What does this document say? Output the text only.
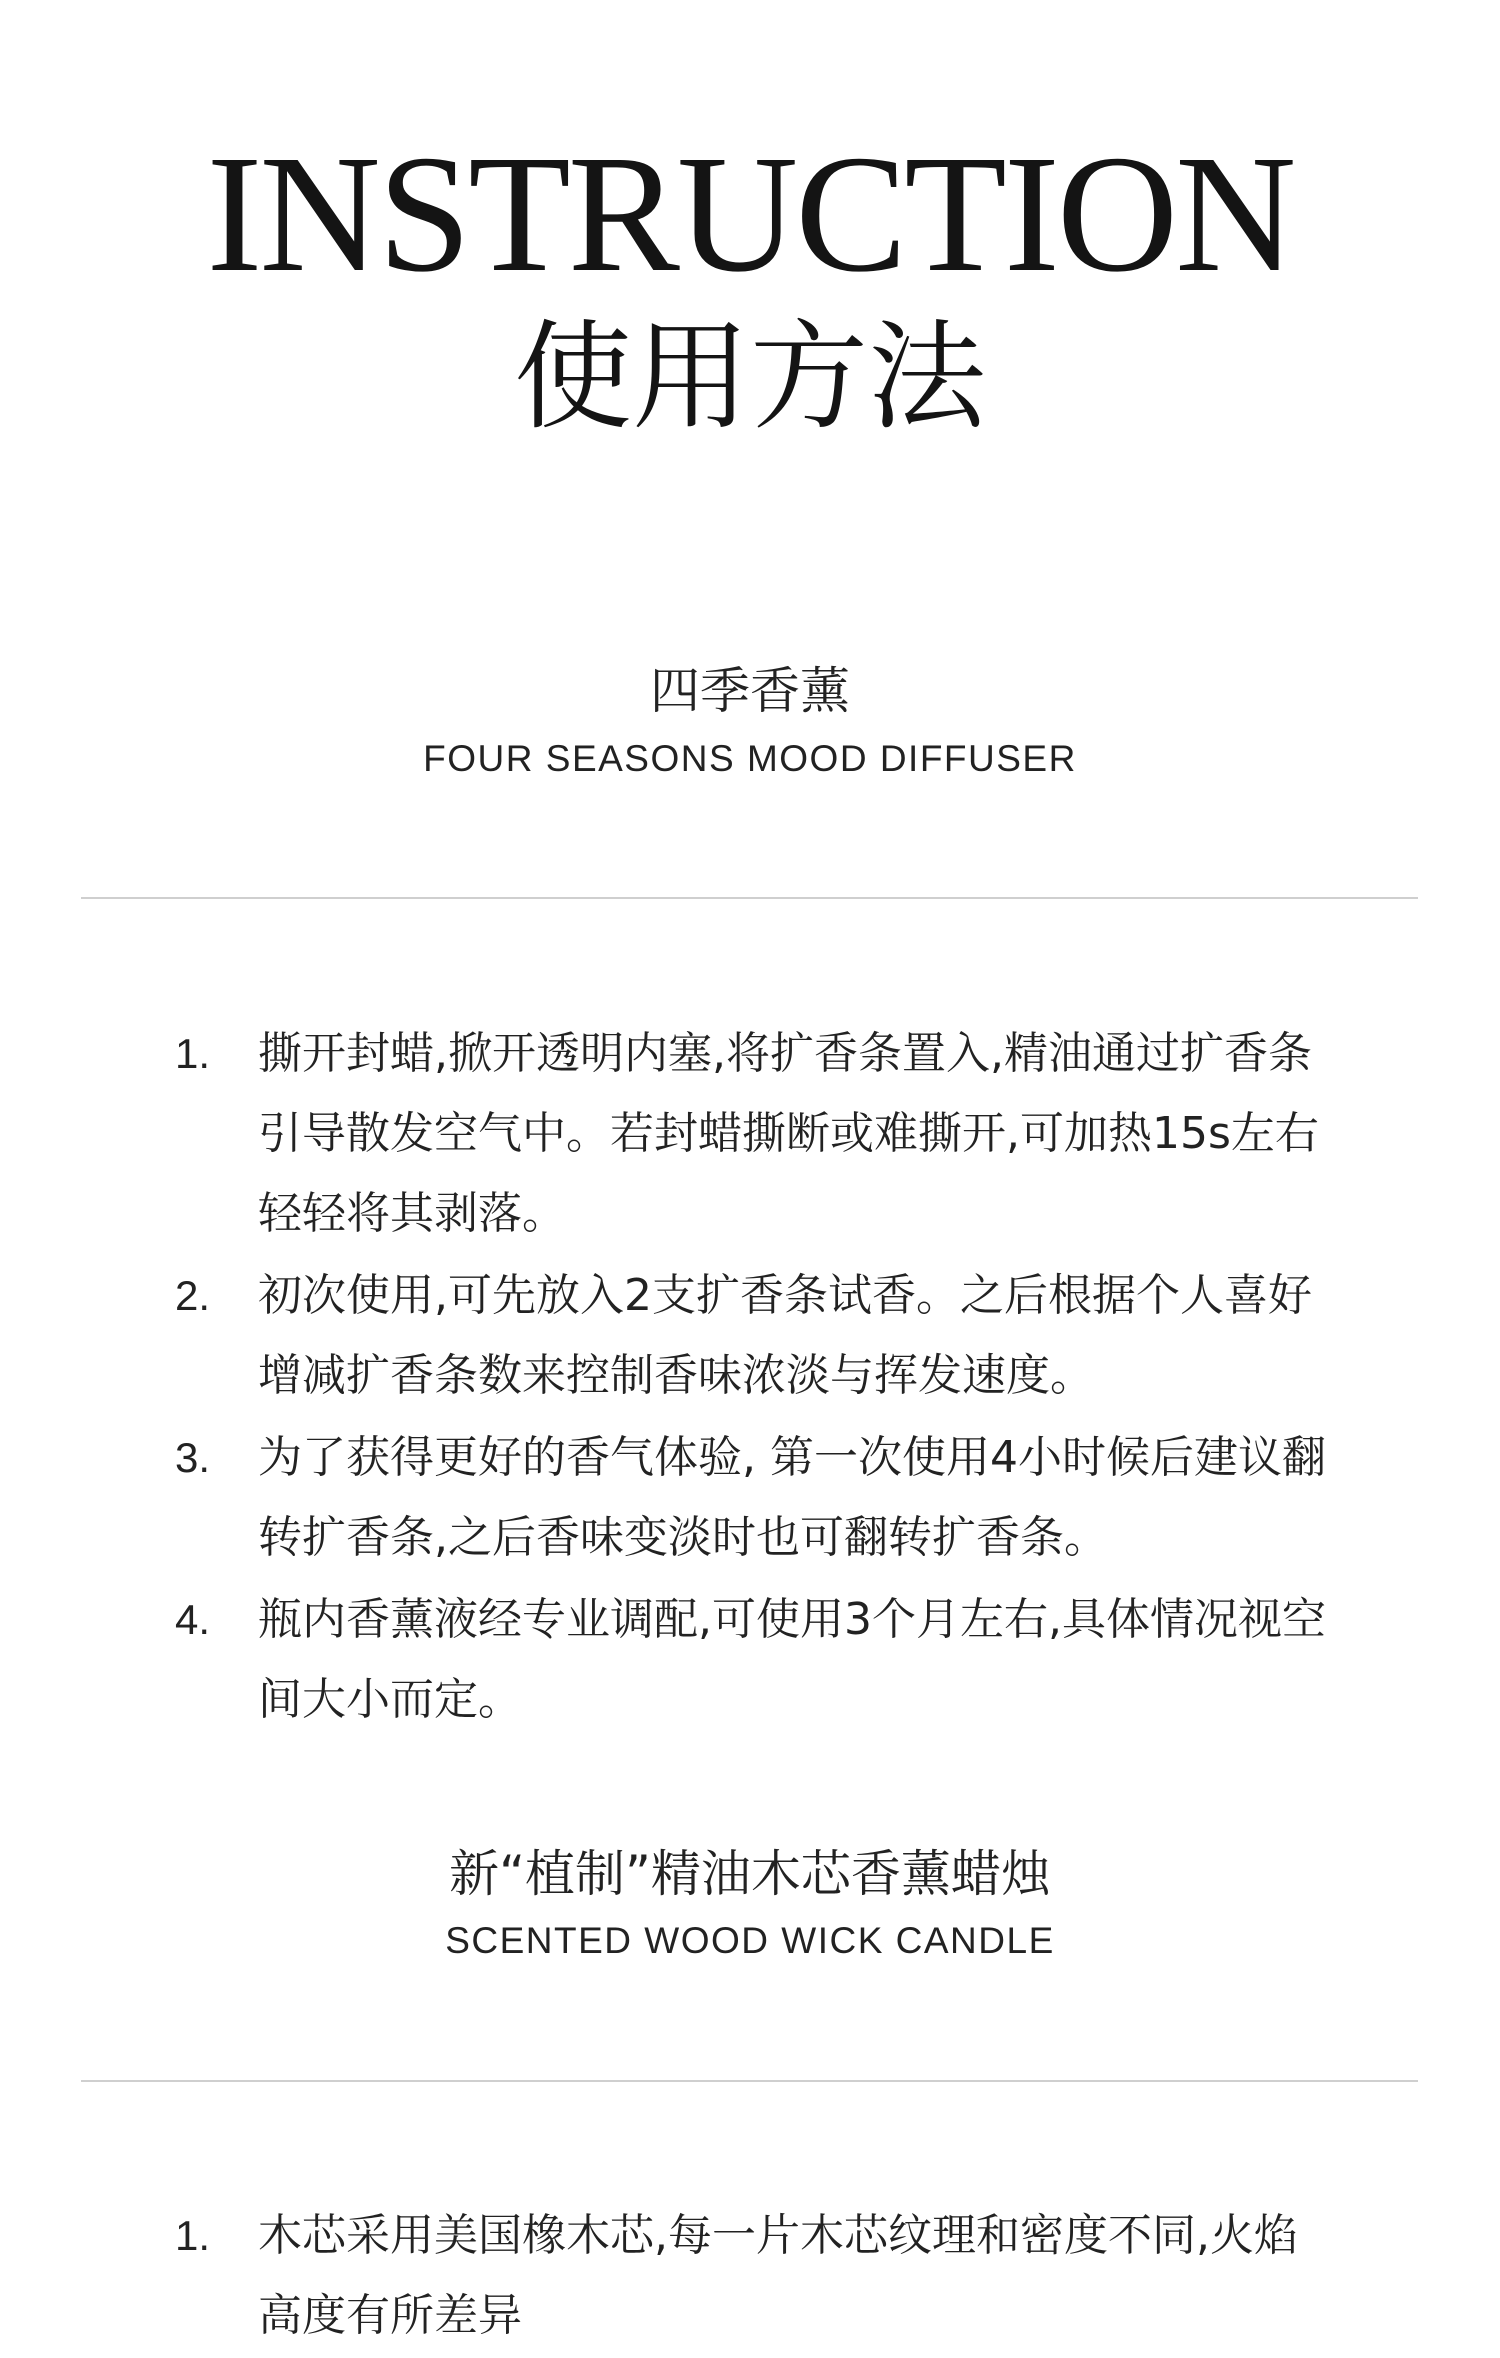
INSTRUCTION
使用方法
四季香薰
FOUR SEASONS MOOD DIFFUSER
1. 撕开封蜡,掀开透明内塞,将扩香条置入,精油通过扩香条引导散发空气中。若封蜡撕断或难撕开,可加热15s左右轻轻将其剥落。
2. 初次使用,可先放入2支扩香条试香。之后根据个人喜好增减扩香条数来控制香味浓淡与挥发速度。
3. 为了获得更好的香气体验, 第一次使用4小时候后建议翻转扩香条,之后香味变淡时也可翻转扩香条。
4. 瓶内香薰液经专业调配,可使用3个月左右,具体情况视空间大小而定。
新“植制”精油木芯香薰蜡烛
SCENTED WOOD WICK CANDLE
1. 木芯采用美国橡木芯,每一片木芯纹理和密度不同,火焰高度有所差异
